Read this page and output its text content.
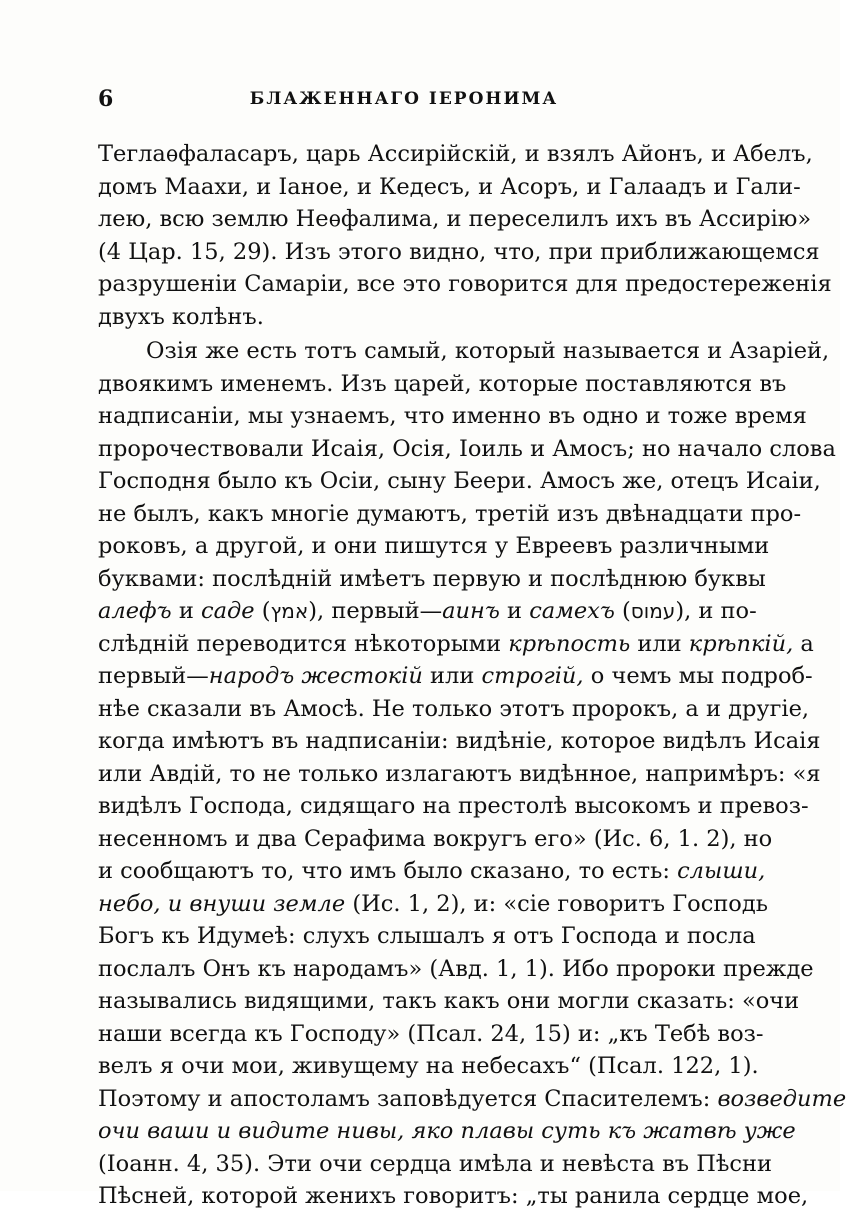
6	БЛАЖЕННАГО ІЕРОНИМА
Теглаѳфаласаръ, царь Ассирійскій, и взялъ Айонъ, и Абелъ,
домъ Маахи, и Іаное, и Кедесъ, и Асоръ, и Галаадъ и Гали-
лею, всю землю Неѳфалима, и переселилъ ихъ въ Ассирію»
(4 Цар. 15, 29). Изъ этого видно, что, при приближающемся
разрушеніи Самаріи, все это говорится для предостереженія
двухъ колѣнъ.
Озія же есть тотъ самый, который называется и Азаріей,
двоякимъ именемъ. Изъ царей, которые поставляются въ
надписаніи, мы узнаемъ, что именно въ одно и тоже время
пророчествовали Исаія, Осія, Іоиль и Амосъ; но начало слова
Господня было къ Осіи, сыну Беери. Амосъ же, отецъ Исаіи,
не былъ, какъ многіе думаютъ, третій изъ двѣнадцати про-
роковъ, а другой, и они пишутся у Евреевъ различными
буквами: послѣдній имѣетъ первую и послѣднюю буквы
алефъ и саде (אמץ), первый—аинъ и самехъ (עמוס), и по-
слѣдній переводится нѣкоторыми крѣпость или крѣпкій, а
первый—народъ жестокій или строгій, о чемъ мы подроб-
нѣе сказали въ Амосѣ. Не только этотъ пророкъ, а и другіе,
когда имѣютъ въ надписаніи: видѣніе, которое видѣлъ Исаія
или Авдій, то не только излагаютъ видѣнное, напримѣръ: «я
видѣлъ Господа, сидящаго на престолѣ высокомъ и превоз-
несенномъ и два Серафима вокругъ его» (Ис. 6, 1. 2), но
и сообщаютъ то, что имъ было сказано, то есть: слыши,
небо, и внуши земле (Ис. 1, 2), и: «сіе говоритъ Господь
Богъ къ Идумеѣ: слухъ слышалъ я отъ Господа и посла
послалъ Онъ къ народамъ» (Авд. 1, 1). Ибо пророки прежде
назывались видящими, такъ какъ они могли сказать: «очи
наши всегда къ Господу» (Псал. 24, 15) и: „къ Тебѣ воз-
велъ я очи мои, живущему на небесахъ“ (Псал. 122, 1).
Поэтому и апостоламъ заповѣдуется Спасителемъ: возведите
очи ваши и видите нивы, яко плавы суть къ жатвѣ уже
(Іоанн. 4, 35). Эти очи сердца имѣла и невѣста въ Пѣсни
Пѣсней, которой женихъ говоритъ: „ты ранила сердце мое,
